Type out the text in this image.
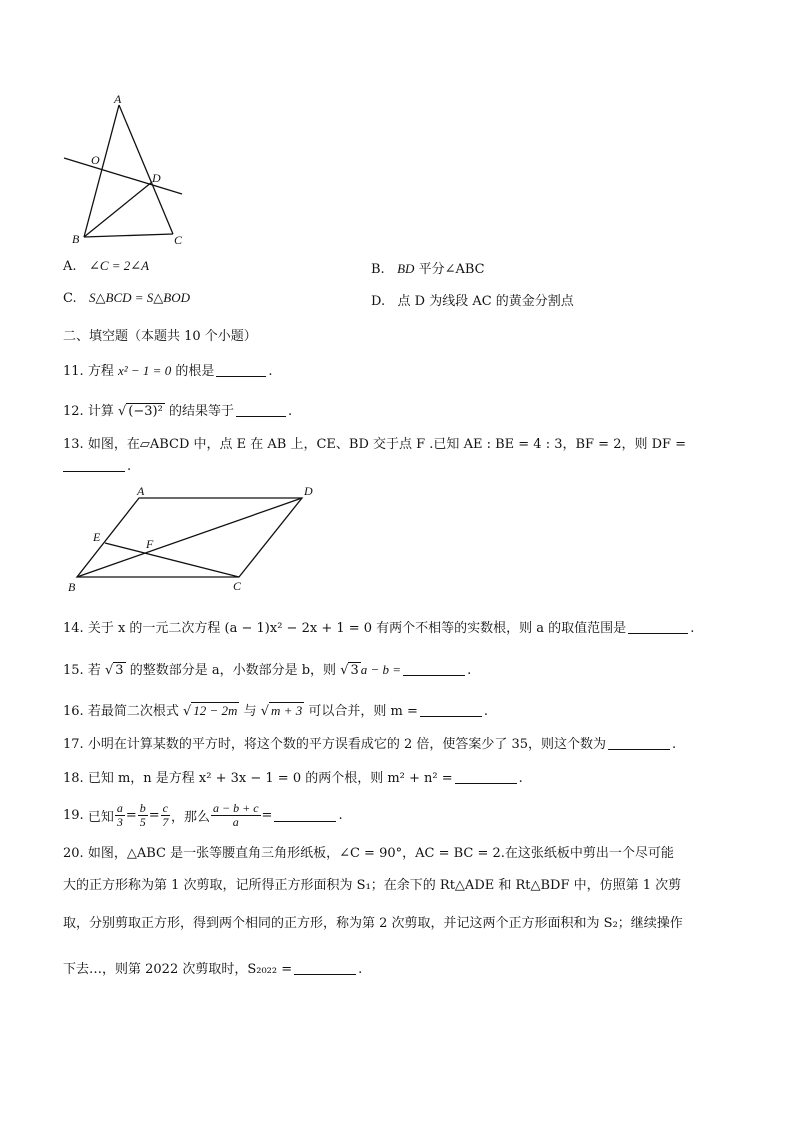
A
O
D
B	C
A. ∠C = 2∠A	B. BD 平分∠ABC
C. S△BCD = S△BOD	D. 点 D 为线段 AC 的黄金分割点
二、填空题（本题共 10 个小题）
11. 方程 x² − 1 = 0 的根是	.
12. 计算 √ (−3)² 的结果等于	.
13. 如图，在▱ABCD 中，点 E 在 AB 上，CE、BD 交于点 F .已知 AE : BE = 4 : 3，BF = 2，则 DF =
.
A	D
E	F
B	C
14. 关于 x 的一元二次方程 (a − 1)x² − 2x + 1 = 0 有两个不相等的实数根，则 a 的取值范围是	.
15. 若 √ 3 的整数部分是 a，小数部分是 b，则 √ 3 a − b =	.
16. 若最简二次根式 √ 12 − 2m 与 √ m + 3 可以合并，则 m =	.
17. 小明在计算某数的平方时，将这个数的平方误看成它的 2 倍，使答案少了 35，则这个数为	.
18. 已知 m，n 是方程 x² + 3x − 1 = 0 的两个根，则 m² + n² =	.
19.
已知 $\frac{a}{3} = \frac{b}{5} = \frac{c}{7}$ ，那么 $\frac{a - b + c}{a}$ =	.
20. 如图，△ABC 是一张等腰直角三角形纸板，∠C = 90°，AC = BC = 2.在这张纸板中剪出一个尽可能
大的正方形称为第 1 次剪取，记所得正方形面积为 S₁；在余下的 Rt△ADE 和 Rt△BDF 中，仿照第 1 次剪
取，分别剪取正方形，得到两个相同的正方形，称为第 2 次剪取，并记这两个正方形面积和为 S₂；继续操作
下去…，则第 2022 次剪取时，S₂₀₂₂ =	.
